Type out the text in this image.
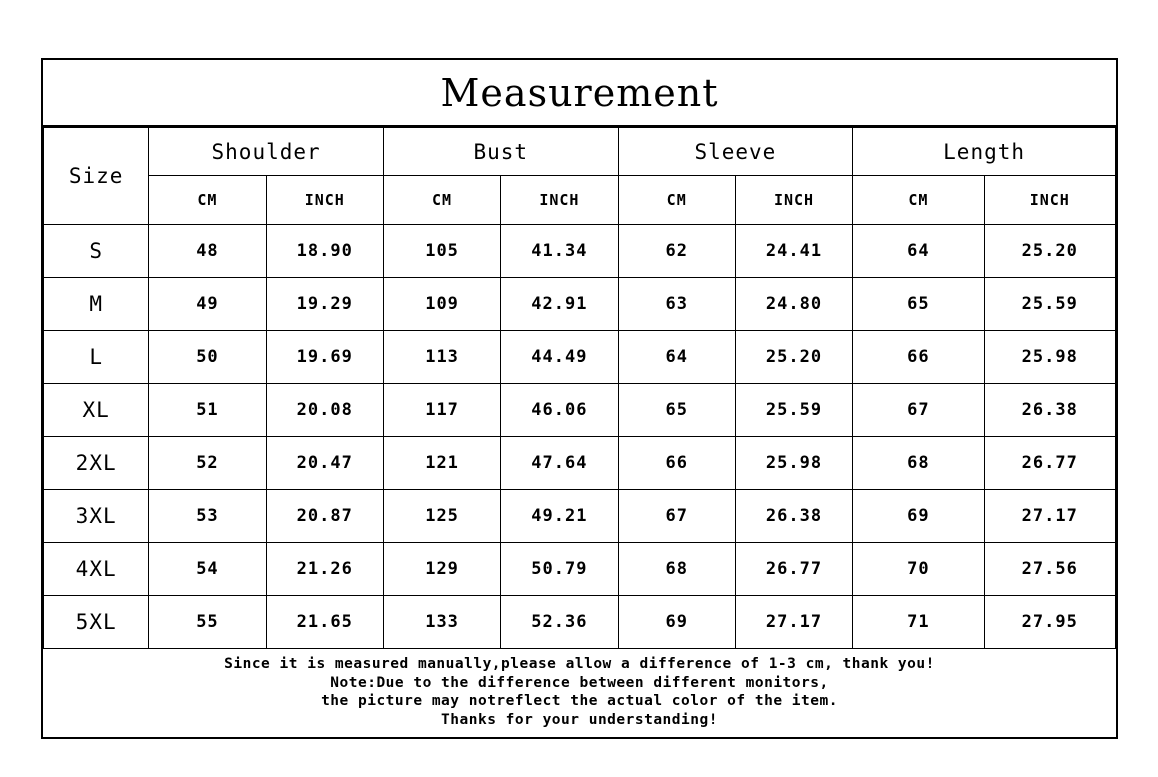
Measurement
Size	Shoulder		Bust		Sleeve		Length	
	CM	INCH	CM	INCH	CM	INCH	CM	INCH
S	48	18.90	105	41.34	62	24.41	64	25.20
M	49	19.29	109	42.91	63	24.80	65	25.59
L	50	19.69	113	44.49	64	25.20	66	25.98
XL	51	20.08	117	46.06	65	25.59	67	26.38
2XL	52	20.47	121	47.64	66	25.98	68	26.77
3XL	53	20.87	125	49.21	67	26.38	69	27.17
4XL	54	21.26	129	50.79	68	26.77	70	27.56
5XL	55	21.65	133	52.36	69	27.17	71	27.95
Since it is measured manually,please allow a difference of 1-3 cm, thank you!
Note:Due to the difference between different monitors,
the picture may notreflect the actual color of the item.
Thanks for your understanding!
